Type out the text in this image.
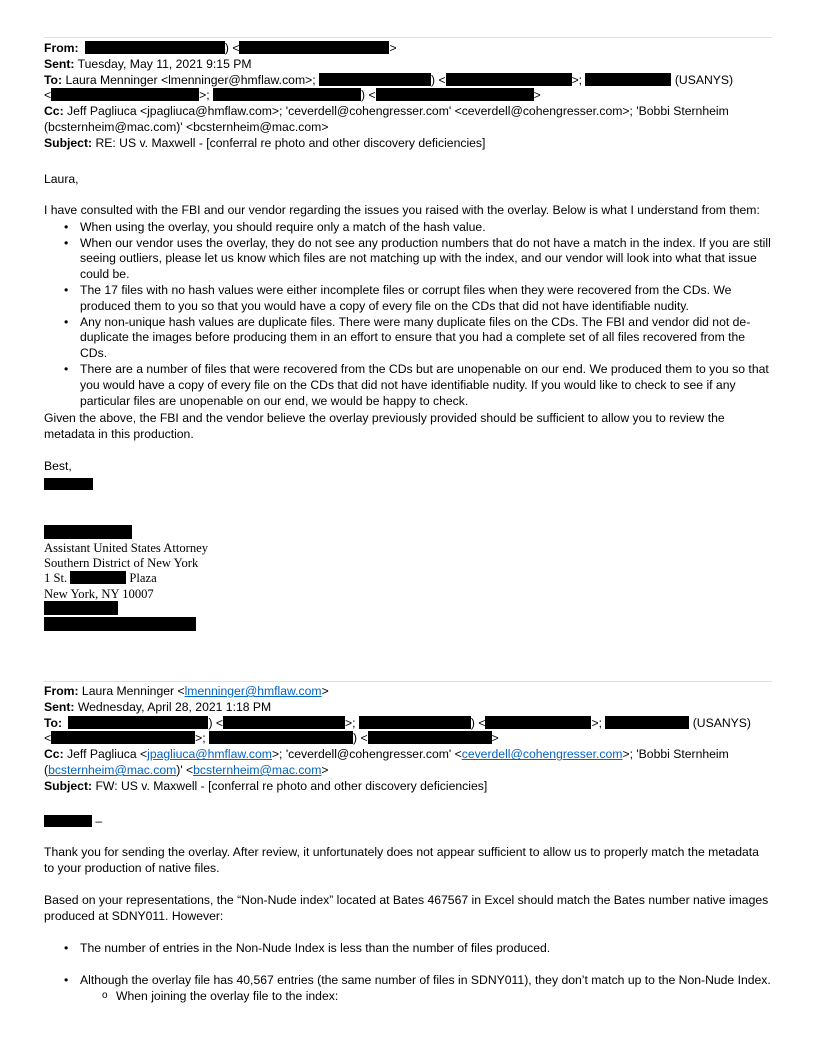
From:	) <	>

Sent: Tuesday, May 11, 2021 9:15 PM

To: Laura Menninger <lmenninger@hmflaw.com>;	) <	>;	(USANYS)

<	>;	) <	>

Cc: Jeff Pagliuca <jpagliuca@hmflaw.com>; 'ceverdell@cohengresser.com' <ceverdell@cohengresser.com>; 'Bobbi Sternheim

(bcsternheim@mac.com)' <bcsternheim@mac.com>

Subject: RE: US v. Maxwell - [conferral re photo and other discovery deficiencies]

Laura,

I have consulted with the FBI and our vendor regarding the issues you raised with the overlay. Below is what I understand from them:

• When using the overlay, you should require only a match of the hash value.
• When our vendor uses the overlay, they do not see any production numbers that do not have a match in the index. If you are still seeing outliers, please let us know which files are not matching up with the index, and our vendor will look into what that issue could be.
• The 17 files with no hash values were either incomplete files or corrupt files when they were recovered from the CDs. We produced them to you so that you would have a copy of every file on the CDs that did not have identifiable nudity.
• Any non-unique hash values are duplicate files. There were many duplicate files on the CDs. The FBI and vendor did not de-duplicate the images before producing them in an effort to ensure that you had a complete set of all files recovered from the CDs.
• There are a number of files that were recovered from the CDs but are unopenable on our end. We produced them to you so that you would have a copy of every file on the CDs that did not have identifiable nudity. If you would like to check to see if any particular files are unopenable on our end, we would be happy to check.

Given the above, the FBI and the vendor believe the overlay previously provided should be sufficient to allow you to review the metadata in this production.

Best,

Assistant United States Attorney

Southern District of New York

1 St.	Plaza

New York, NY 10007

From: Laura Menninger <lmenninger@hmflaw.com>

Sent: Wednesday, April 28, 2021 1:18 PM

To:	) <	>;	) <	>;	(USANYS)

<	>;	) <	>

Cc: Jeff Pagliuca <jpagliuca@hmflaw.com>; 'ceverdell@cohengresser.com' <ceverdell@cohengresser.com>; 'Bobbi Sternheim

(bcsternheim@mac.com)' <bcsternheim@mac.com>

Subject: FW: US v. Maxwell - [conferral re photo and other discovery deficiencies]

–

Thank you for sending the overlay. After review, it unfortunately does not appear sufficient to allow us to properly match the metadata to your production of native files.

Based on your representations, the “Non-Nude index” located at Bates 467567 in Excel should match the Bates number native images produced at SDNY011. However:

• The number of entries in the Non-Nude Index is less than the number of files produced.
• Although the overlay file has 40,567 entries (the same number of files in SDNY011), they don’t match up to the Non-Nude Index.
o When joining the overlay file to the index:
